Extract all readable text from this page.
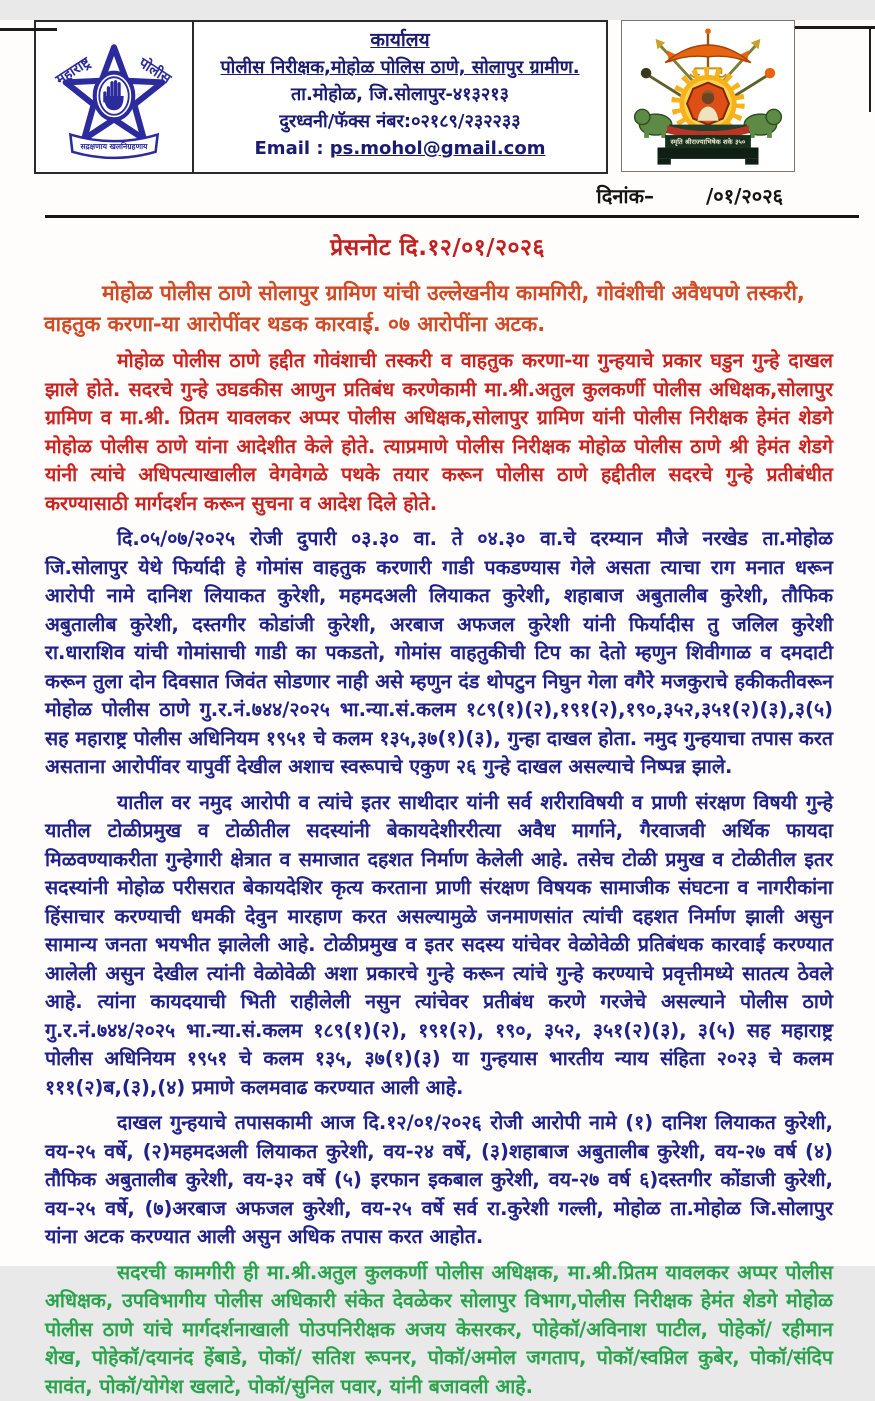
महाराष्ट्र	पोलीस
सद्रक्षणाय खलनिग्रहणाय
कार्यालय
पोलीस निरीक्षक,मोहोळ पोलिस ठाणे, सोलापुर ग्रामीण.
ता.मोहोळ, जि.सोलापुर-४१३२१३
दुरध्वनी/फॅक्स नंबर:०२१८९/२३२२३३
Email : ps.mohol@gmail.com	स्मृति श्रीराज्याभिषेक शके ३५०
दिनांक–	/०१/२०२६
प्रेसनोट दि.१२/०१/२०२६
मोहोळ पोलीस ठाणे सोलापुर ग्रामिण यांची उल्लेखनीय कामगिरी, गोवंशीची अवैधपणे तस्करी, वाहतुक करणा-या आरोपींवर थडक कारवाई. ०७ आरोपींना अटक.
मोहोळ पोलीस ठाणे हद्दीत गोवंशाची तस्करी व वाहतुक करणा-या गुन्हयाचे प्रकार घडुन गुन्हे दाखल झाले होते. सदरचे गुन्हे उघडकीस आणुन प्रतिबंध करणेकामी मा.श्री.अतुल कुलकर्णी पोलीस अधिक्षक,सोलापुर ग्रामिण व मा.श्री. प्रितम यावलकर अप्पर पोलीस अधिक्षक,सोलापुर ग्रामिण यांनी पोलीस निरीक्षक हेमंत शेडगे मोहोळ पोलीस ठाणे यांना आदेशीत केले होते. त्याप्रमाणे पोलीस निरीक्षक मोहोळ पोलीस ठाणे श्री हेमंत शेडगे यांनी त्यांचे अधिपत्याखालील वेगवेगळे पथके तयार करून पोलीस ठाणे हद्दीतील सदरचे गुन्हे प्रतीबंधीत करण्यासाठी मार्गदर्शन करून सुचना व आदेश दिले होते.
दि.०५/०७/२०२५ रोजी दुपारी ०३.३० वा. ते ०४.३० वा.चे दरम्यान मौजे नरखेड ता.मोहोळ जि.सोलापुर येथे फिर्यादी हे गोमांस वाहतुक करणारी गाडी पकडण्यास गेले असता त्याचा राग मनात धरून आरोपी नामे दानिश लियाकत कुरेशी, महमदअली लियाकत कुरेशी, शहाबाज अबुतालीब कुरेशी, तौफिक अबुतालीब कुरेशी, दस्तगीर कोडांजी कुरेशी, अरबाज अफजल कुरेशी यांनी फिर्यादीस तु जलिल कुरेशी रा.धाराशिव यांची गोमांसाची गाडी का पकडतो, गोमांस वाहतुकीची टिप का देतो म्हणुन शिवीगाळ व दमदाटी करून तुला दोन दिवसात जिवंत सोडणार नाही असे म्हणुन दंड थोपटुन निघुन गेला वगैरे मजकुराचे हकीकतीवरून मोहोळ पोलीस ठाणे गु.र.नं.७४४/२०२५ भा.न्या.सं.कलम १८९(१)(२),१९१(२),१९०,३५२,३५१(२)(३),३(५) सह महाराष्ट्र पोलीस अधिनियम १९५१ चे कलम १३५,३७(१)(३), गुन्हा दाखल होता. नमुद गुन्हयाचा तपास करत असताना आरोपींवर यापुर्वी देखील अशाच स्वरूपाचे एकुण २६ गुन्हे दाखल असल्याचे निष्पन्न झाले.
यातील वर नमुद आरोपी व त्यांचे इतर साथीदार यांनी सर्व शरीराविषयी व प्राणी संरक्षण विषयी गुन्हे यातील टोळीप्रमुख व टोळीतील सदस्यांनी बेकायदेशीररीत्या अवैध मार्गाने, गैरवाजवी अर्थिक फायदा मिळवण्याकरीता गुन्हेगारी क्षेत्रात व समाजात दहशत निर्माण केलेली आहे. तसेच टोळी प्रमुख व टोळीतील इतर सदस्यांनी मोहोळ परीसरात बेकायदेशिर कृत्य करताना प्राणी संरक्षण विषयक सामाजीक संघटना व नागरीकांना हिंसाचार करण्याची धमकी देवुन मारहाण करत असल्यामुळे जनमाणसांत त्यांची दहशत निर्माण झाली असुन सामान्य जनता भयभीत झालेली आहे. टोळीप्रमुख व इतर सदस्य यांचेवर वेळोवेळी प्रतिबंधक कारवाई करण्यात आलेली असुन देखील त्यांनी वेळोवेळी अशा प्रकारचे गुन्हे करून त्यांचे गुन्हे करण्याचे प्रवृत्तीमध्ये सातत्य ठेवले आहे. त्यांना कायदयाची भिती राहीलेली नसुन त्यांचेवर प्रतीबंध करणे गरजेचे असल्याने पोलीस ठाणे गु.र.नं.७४४/२०२५ भा.न्या.सं.कलम १८९(१)(२), १९१(२), १९०, ३५२, ३५१(२)(३), ३(५) सह महाराष्ट्र पोलीस अधिनियम १९५१ चे कलम १३५, ३७(१)(३) या गुन्हयास भारतीय न्याय संहिता २०२३ चे कलम १११(२)ब,(३),(४) प्रमाणे कलमवाढ करण्यात आली आहे.
दाखल गुन्हयाचे तपासकामी आज दि.१२/०१/२०२६ रोजी आरोपी नामे (१) दानिश लियाकत कुरेशी, वय-२५ वर्षे, (२)महमदअली लियाकत कुरेशी, वय-२४ वर्षे, (३)शहाबाज अबुतालीब कुरेशी, वय-२७ वर्ष (४) तौफिक अबुतालीब कुरेशी, वय-३२ वर्षे (५) इरफान इकबाल कुरेशी, वय-२७ वर्ष ६)दस्तगीर कोंडाजी कुरेशी, वय-२५ वर्षे, (७)अरबाज अफजल कुरेशी, वय-२५ वर्षे सर्व रा.कुरेशी गल्ली, मोहोळ ता.मोहोळ जि.सोलापुर यांना अटक करण्यात आली असुन अधिक तपास करत आहोत.
सदरची कामगीरी ही मा.श्री.अतुल कुलकर्णी पोलीस अधिक्षक, मा.श्री.प्रितम यावलकर अप्पर पोलीस अधिक्षक, उपविभागीय पोलीस अधिकारी संकेत देवळेकर सोलापुर विभाग,पोलीस निरीक्षक हेमंत शेडगे मोहोळ पोलीस ठाणे यांचे मार्गदर्शनाखाली पोउपनिरीक्षक अजय केसरकर, पोहेकॉ/अविनाश पाटील, पोहेकॉ/ रहीमान शेख, पोहेकॉ/दयानंद हेंबाडे, पोकॉ/ सतिश रूपनर, पोकॉ/अमोल जगताप, पोकॉ/स्वप्निल कुबेर, पोकॉ/संदिप सावंत, पोकॉ/योगेश खलाटे, पोकॉ/सुनिल पवार, यांनी बजावली आहे.
